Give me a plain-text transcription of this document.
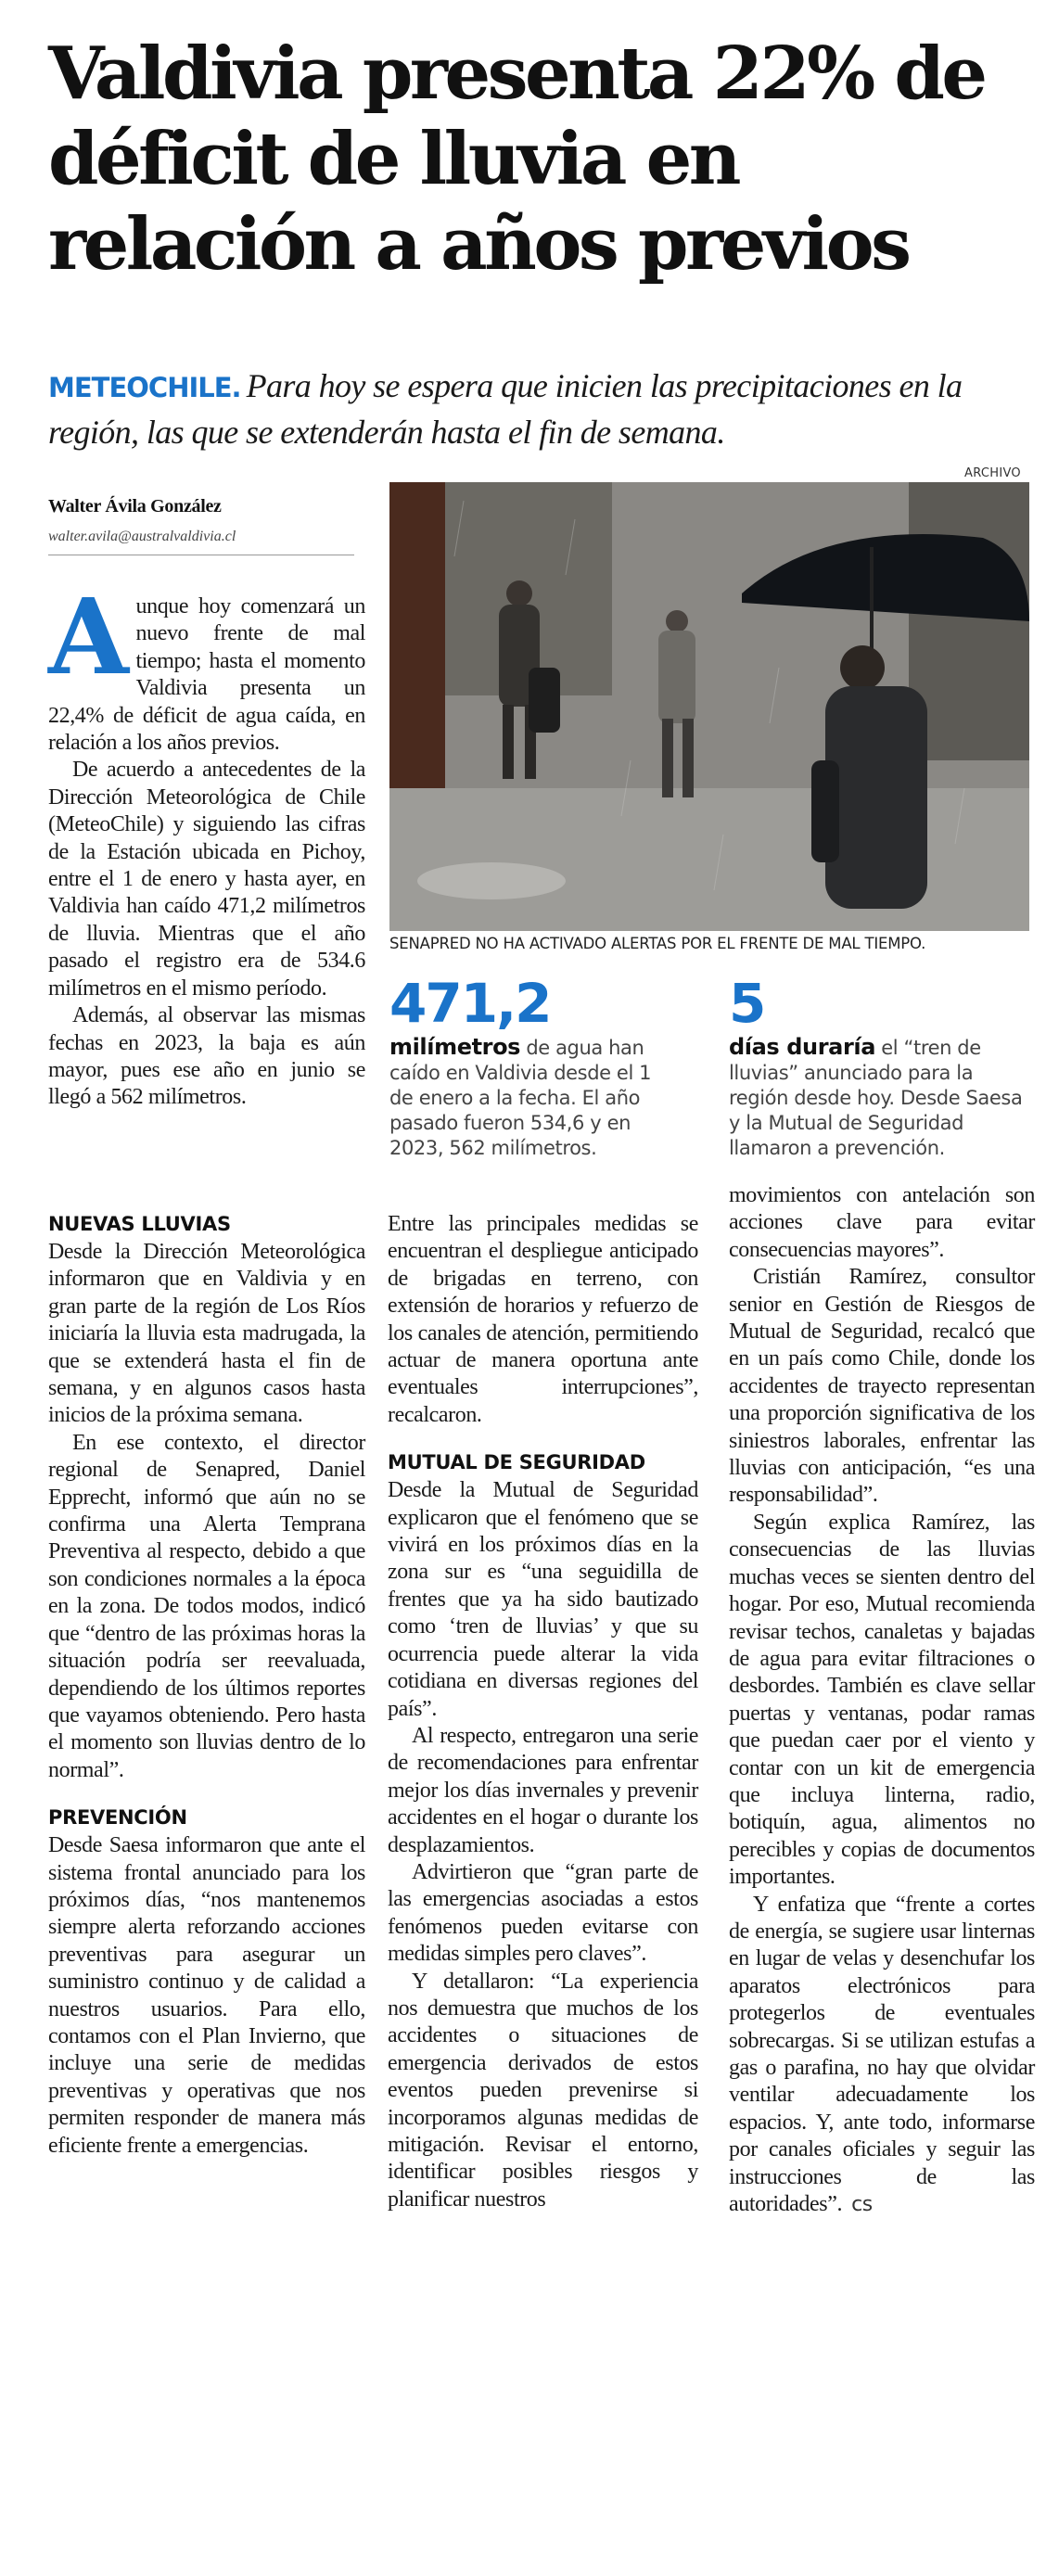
Valdivia presenta 22% de déficit de lluvia en relación a años previos
METEOCHILE. Para hoy se espera que inicien las precipitaciones en la región, las que se extenderán hasta el fin de semana.
Walter Ávila González
walter.avila@australvaldivia.cl
ARCHIVO
SENAPRED NO HA ACTIVADO ALERTAS POR EL FRENTE DE MAL TIEMPO.
471,2
milímetros de agua han caído en Valdivia desde el 1 de enero a la fecha. El año pasado fueron 534,6 y en 2023, 562 milímetros.
5
días duraría el “tren de lluvias” anunciado para la región desde hoy. Desde Saesa y la Mutual de Seguridad llamaron a prevención.

Aunque hoy comenzará un nuevo frente de mal tiempo; hasta el momento Valdivia presenta un 22,4% de déficit de agua caída, en relación a los años previos.

De acuerdo a antecedentes de la Dirección Meteorológica de Chile (MeteoChile) y siguiendo las cifras de la Estación ubicada en Pichoy, entre el 1 de enero y hasta ayer, en Valdivia han caído 471,2 milímetros de lluvia. Mientras que el año pasado el registro era de 534.6 milímetros en el mismo período.

Además, al observar las mismas fechas en 2023, la baja es aún mayor, pues ese año en junio se llegó a 562 milímetros.

NUEVAS LLUVIAS

Desde la Dirección Meteorológica informaron que en Valdivia y en gran parte de la región de Los Ríos iniciaría la lluvia esta madrugada, la que se extenderá hasta el fin de semana, y en algunos casos hasta inicios de la próxima semana.

En ese contexto, el director regional de Senapred, Daniel Epprecht, informó que aún no se confirma una Alerta Temprana Preventiva al respecto, debido a que son condiciones normales a la época en la zona. De todos modos, indicó que “dentro de las próximas horas la situación podría ser reevaluada, dependiendo de los últimos reportes que vayamos obteniendo. Pero hasta el momento son lluvias dentro de lo normal”.

PREVENCIÓN

Desde Saesa informaron que ante el sistema frontal anunciado para los próximos días, “nos mantenemos siempre alerta reforzando acciones preventivas para asegurar un suministro continuo y de calidad a nuestros usuarios. Para ello, contamos con el Plan Invierno, que incluye una serie de medidas preventivas y operativas que nos permiten responder de manera más eficiente frente a emergencias.

Entre las principales medidas se encuentran el despliegue anticipado de brigadas en terreno, con extensión de horarios y refuerzo de los canales de atención, permitiendo actuar de manera oportuna ante eventuales interrupciones”, recalcaron.

MUTUAL DE SEGURIDAD

Desde la Mutual de Seguridad explicaron que el fenómeno que se vivirá en los próximos días en la zona sur es “una seguidilla de frentes que ya ha sido bautizado como ‘tren de lluvias’ y que su ocurrencia puede alterar la vida cotidiana en diversas regiones del país”.

Al respecto, entregaron una serie de recomendaciones para enfrentar mejor los días invernales y prevenir accidentes en el hogar o durante los desplazamientos.

Advirtieron que “gran parte de las emergencias asociadas a estos fenómenos pueden evitarse con medidas simples pero claves”.

Y detallaron: “La experiencia nos demuestra que muchos de los accidentes o situaciones de emergencia derivados de estos eventos pueden prevenirse si incorporamos algunas medidas de mitigación. Revisar el entorno, identificar posibles riesgos y planificar nuestros

movimientos con antelación son acciones clave para evitar consecuencias mayores”.

Cristián Ramírez, consultor senior en Gestión de Riesgos de Mutual de Seguridad, recalcó que en un país como Chile, donde los accidentes de trayecto representan una proporción significativa de los siniestros laborales, enfrentar las lluvias con anticipación, “es una responsabilidad”.

Según explica Ramírez, las consecuencias de las lluvias muchas veces se sienten dentro del hogar. Por eso, Mutual recomienda revisar techos, canaletas y bajadas de agua para evitar filtraciones o desbordes. También es clave sellar puertas y ventanas, podar ramas que puedan caer por el viento y contar con un kit de emergencia que incluya linterna, radio, botiquín, agua, alimentos no perecibles y copias de documentos importantes.

Y enfatiza que “frente a cortes de energía, se sugiere usar linternas en lugar de velas y desenchufar los aparatos electrónicos para protegerlos de eventuales sobrecargas. Si se utilizan estufas a gas o parafina, no hay que olvidar ventilar adecuadamente los espacios. Y, ante todo, informarse por canales oficiales y seguir las instrucciones de las autoridades”. cs
